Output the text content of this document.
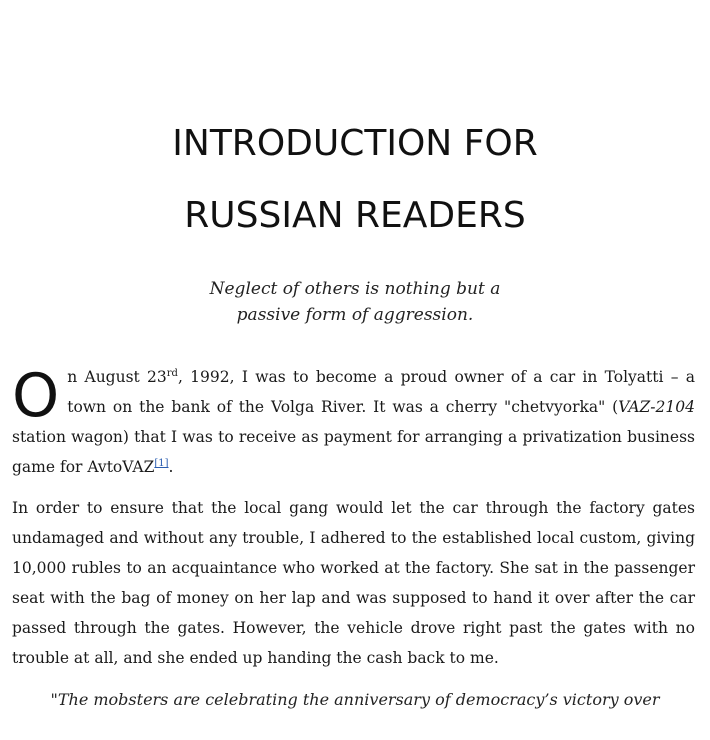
INTRODUCTION FOR
RUSSIAN READERS
Neglect of others is nothing but a
passive form of aggression.

On August 23rd, 1992, I was to become a proud owner of a car in Tolyatti – a town on the bank of the Volga River. It was a cherry "chetvyorka" (VAZ-2104 station wagon) that I was to receive as payment for arranging a privatization business game for AvtoVAZ[1].

In order to ensure that the local gang would let the car through the factory gates undamaged and without any trouble, I adhered to the established local custom, giving 10,000 rubles to an acquaintance who worked at the factory. She sat in the passenger seat with the bag of money on her lap and was supposed to hand it over after the car passed through the gates. However, the vehicle drove right past the gates with no trouble at all, and she ended up handing the cash back to me.

"The mobsters are celebrating the anniversary of democracy’s victory over
